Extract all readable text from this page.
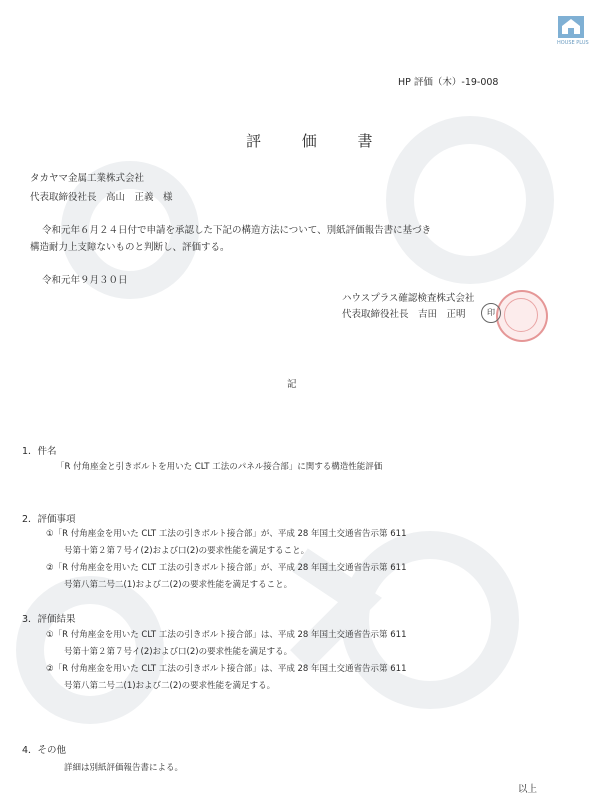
HOUSE PLUS
HP 評価（木）-19-008
評 価 書
タカヤマ金属工業株式会社
代表取締役社長　高山　正義　様
令和元年６月２４日付で申請を承認した下記の構造方法について、別紙評価報告書に基づき
構造耐力上支障ないものと判断し、評価する。
令和元年９月３０日
ハウスプラス確認検査株式会社
代表取締役社長　吉田　正明	印
記
1．件名
「R 付角座金と引きボルトを用いた CLT 工法のパネル接合部」に関する構造性能評価
2．評価事項
①「R 付角座金を用いた CLT 工法の引きボルト接合部」が、平成 28 年国土交通省告示第 611
号第十第２第７号イ(2)および口(2)の要求性能を満足すること。
②「R 付角座金を用いた CLT 工法の引きボルト接合部」が、平成 28 年国土交通省告示第 611
号第八第二号二(1)および二(2)の要求性能を満足すること。
3．評価結果
①「R 付角座金を用いた CLT 工法の引きボルト接合部」は、平成 28 年国土交通省告示第 611
号第十第２第７号イ(2)および口(2)の要求性能を満足する。
②「R 付角座金を用いた CLT 工法の引きボルト接合部」は、平成 28 年国土交通省告示第 611
号第八第二号二(1)および二(2)の要求性能を満足する。
4．その他
詳細は別紙評価報告書による。
以上
